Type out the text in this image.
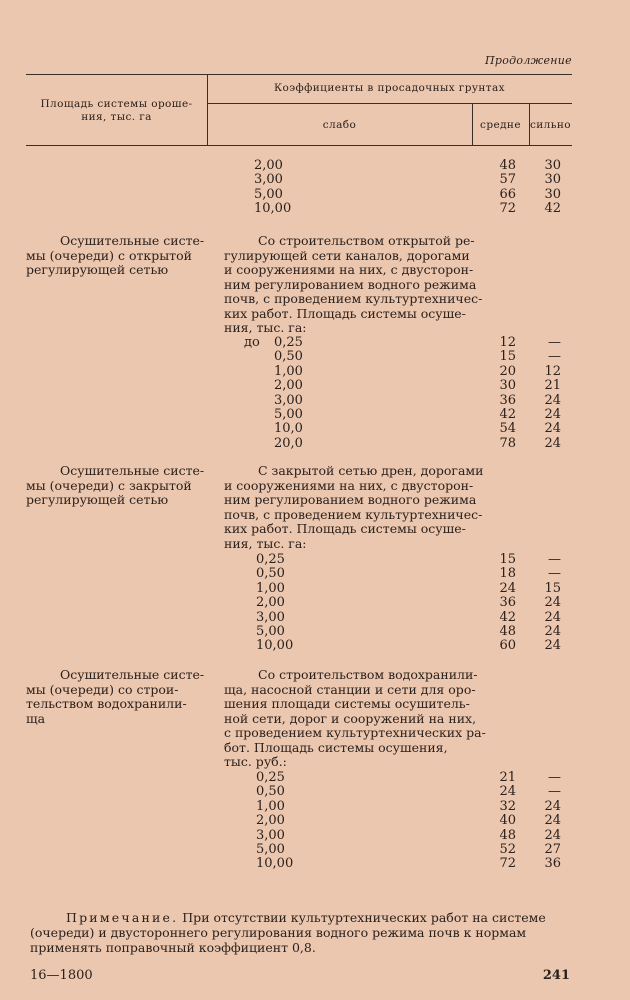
Продолжение
Площадь системы ороше-
ния, тыс. га
Коэффициенты в просадочных грунтах
слабо	средне сильно
2,00
3,00
5,00
10,00
48
57
66
72
30
30
30
42
Осушительные систе-
мы (очереди) с открытой
регулирующей сетью
Со строительством открытой ре-
гулирующей сети каналов, дорогами
и сооружениями на них, с двусторон-
ним регулированием водного режима
почв, с проведением культуртехничес-
ких работ. Площадь системы осуше-
ния, тыс. га:
до 0,25
0,50
1,00
2,00
3,00
5,00
10,0
20,0
12
15
20
30
36
42
54
78
—
—
12
21
24
24
24
24
Осушительные систе-
мы (очереди) с закрытой
регулирующей сетью
С закрытой сетью дрен, дорогами
и сооружениями на них, с двусторон-
ним регулированием водного режима
почв, с проведением культуртехничес-
ких работ. Площадь системы осуше-
ния, тыс. га:
0,25
0,50
1,00
2,00
3,00
5,00
10,00
15
18
24
36
42
48
60
—
—
15
24
24
24
24
Осушительные систе-
мы (очереди) со строи-
тельством водохранили-
ща
Со строительством водохранили-
ща, насосной станции и сети для оро-
шения площади системы осушитель-
ной сети, дорог и сооружений на них,
с проведением культуртехнических ра-
бот. Площадь системы осушения,
тыс. руб.:
0,25
0,50
1,00
2,00
3,00
5,00
10,00
21
24
32
40
48
52
72
—
—
24
24
24
27
36
Примечание. При отсутствии культуртехнических работ на системе
(очереди) и двустороннего регулирования водного режима почв к нормам
применять поправочный коэффициент 0,8.
16—1800	241
